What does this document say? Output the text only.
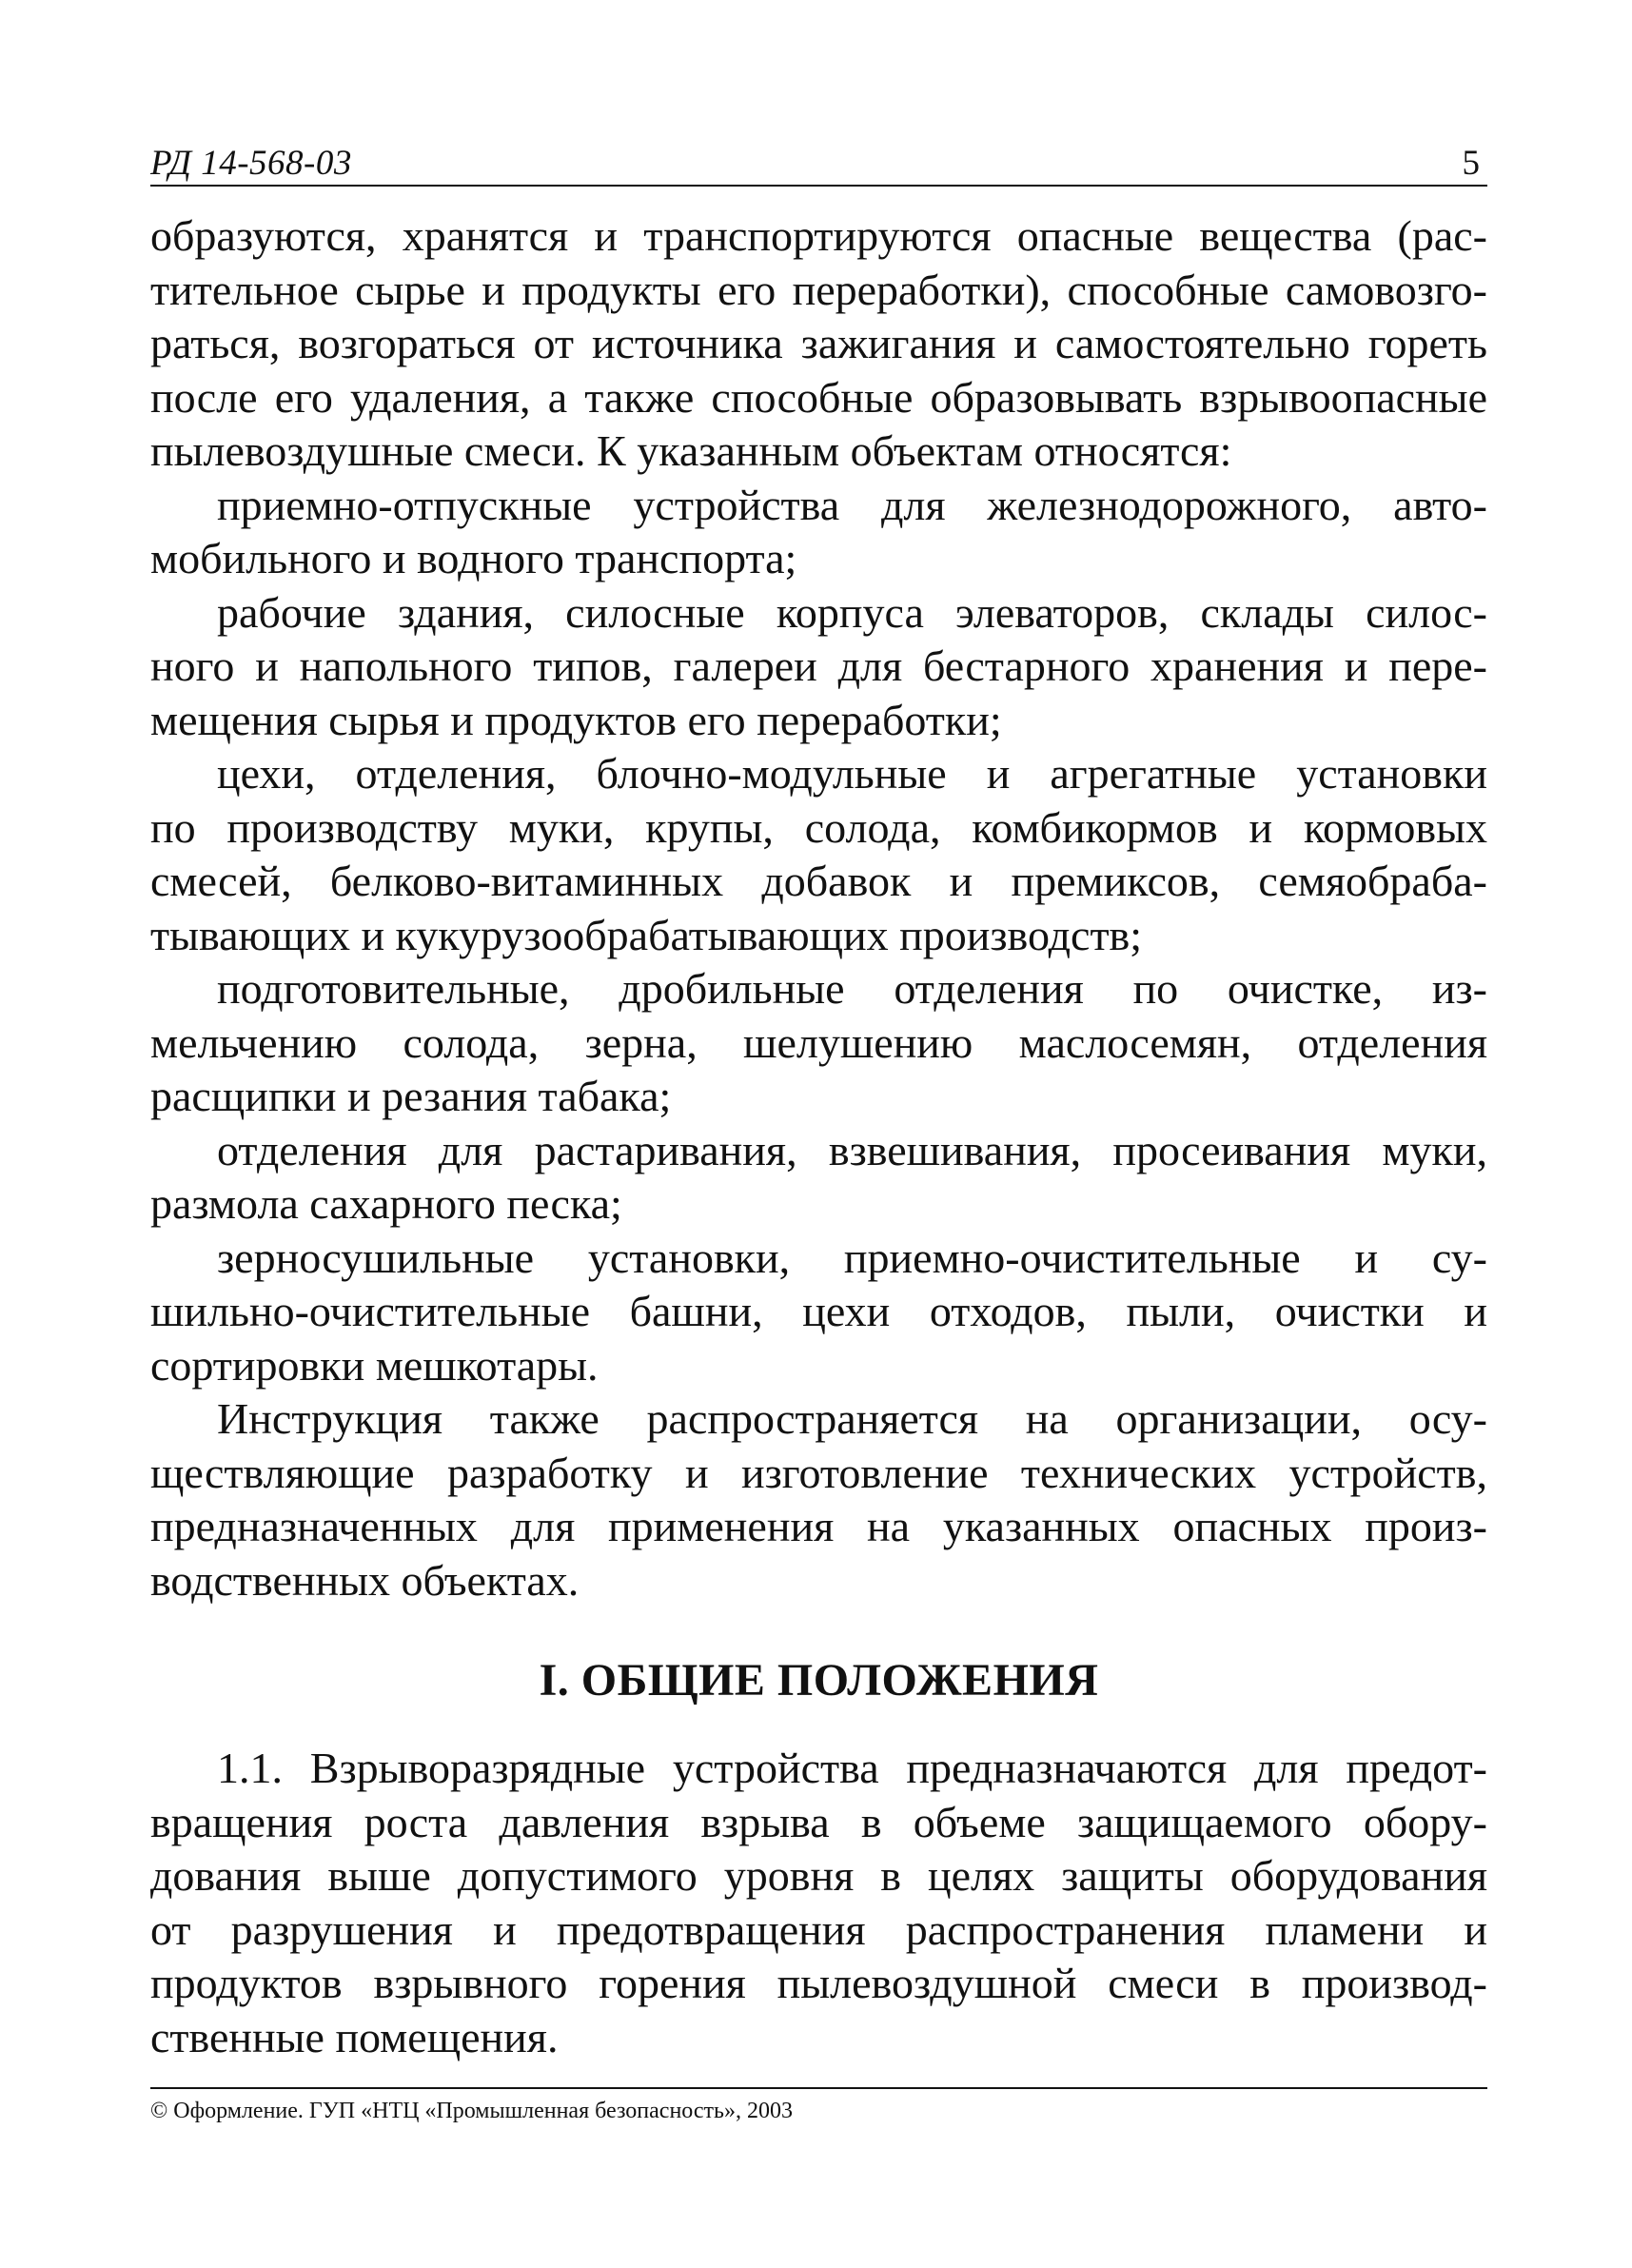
РД 14-568-03	5
образуются, хранятся и транспортируются опасные вещества (рас-
тительное сырье и продукты его переработки), способные самовозго-
раться, возгораться от источника зажигания и самостоятельно гореть
после его удаления, а также способные образовывать взрывоопасные
пылевоздушные смеси. К указанным объектам относятся:
приемно-отпускные устройства для железнодорожного, авто-
мобильного и водного транспорта;
рабочие здания, силосные корпуса элеваторов, склады силос-
ного и напольного типов, галереи для бестарного хранения и пере-
мещения сырья и продуктов его переработки;
цехи, отделения, блочно-модульные и агрегатные установки
по производству муки, крупы, солода, комбикормов и кормовых
смесей, белково-витаминных добавок и премиксов, семяобраба-
тывающих и кукурузообрабатывающих производств;
подготовительные, дробильные отделения по очистке, из-
мельчению солода, зерна, шелушению маслосемян, отделения
расщипки и резания табака;
отделения для растаривания, взвешивания, просеивания муки,
размола сахарного песка;
зерносушильные установки, приемно-очистительные и су-
шильно-очистительные башни, цехи отходов, пыли, очистки и
сортировки мешкотары.
Инструкция также распространяется на организации, осу-
ществляющие разработку и изготовление технических устройств,
предназначенных для применения на указанных опасных произ-
водственных объектах.
I. ОБЩИЕ ПОЛОЖЕНИЯ
1.1. Взрыворазрядные устройства предназначаются для предот-
вращения роста давления взрыва в объеме защищаемого обору-
дования выше допустимого уровня в целях защиты оборудования
от разрушения и предотвращения распространения пламени и
продуктов взрывного горения пылевоздушной смеси в производ-
ственные помещения.
© Оформление. ГУП «НТЦ «Промышленная безопасность», 2003
